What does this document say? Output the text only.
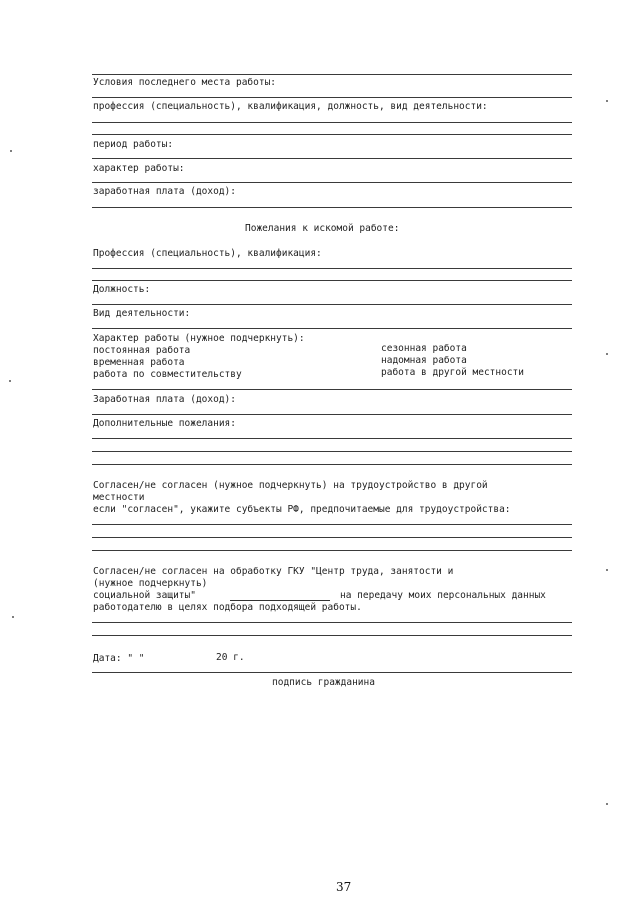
Условия последнего места работы:
профессия (специальность), квалификация, должность, вид деятельности:
период работы:
характер работы:
заработная плата (доход):
Пожелания к искомой работе:
Профессия (специальность), квалификация:
Должность:
Вид деятельности:
Характер работы (нужное подчеркнуть):
постоянная работа
временная работа
работа по совместительству
сезонная работа
надомная работа
работа в другой местности
Заработная плата (доход):
Дополнительные пожелания:
Согласен/не согласен (нужное подчеркнуть) на трудоустройство в другой
местности
если "согласен", укажите субъекты РФ, предпочитаемые для трудоустройства:
Согласен/не согласен на обработку ГКУ "Центр труда, занятости и
(нужное подчеркнуть)
социальной защиты"	на передачу моих персональных данных
работодателю в целях подбора подходящей работы.
Дата: " "	20 г.
подпись гражданина
37
